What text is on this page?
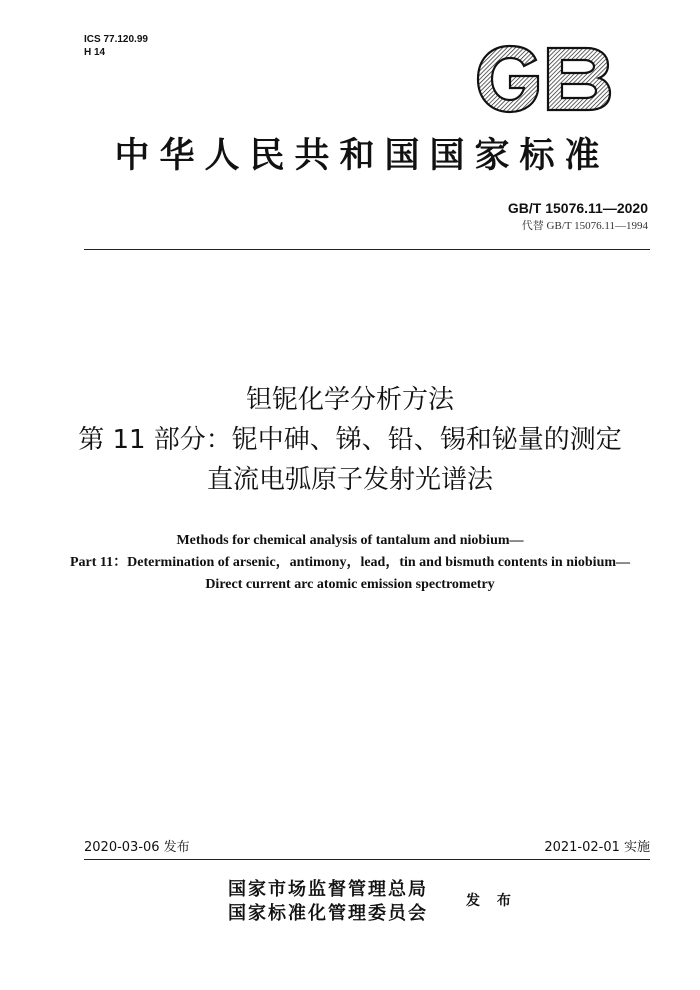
ICS 77.120.99
H 14
中华人民共和国国家标准
GB/T 15076.11—2020
代替 GB/T 15076.11—1994
钽铌化学分析方法
第 11 部分：铌中砷、锑、铅、锡和铋量的测定
直流电弧原子发射光谱法
Methods for chemical analysis of tantalum and niobium—
Part 11：Determination of arsenic，antimony，lead，tin and bismuth contents in niobium—
Direct current arc atomic emission spectrometry
2020-03-06 发布	2021-02-01 实施
国家市场监督管理总局
国家标准化管理委员会
发 布
